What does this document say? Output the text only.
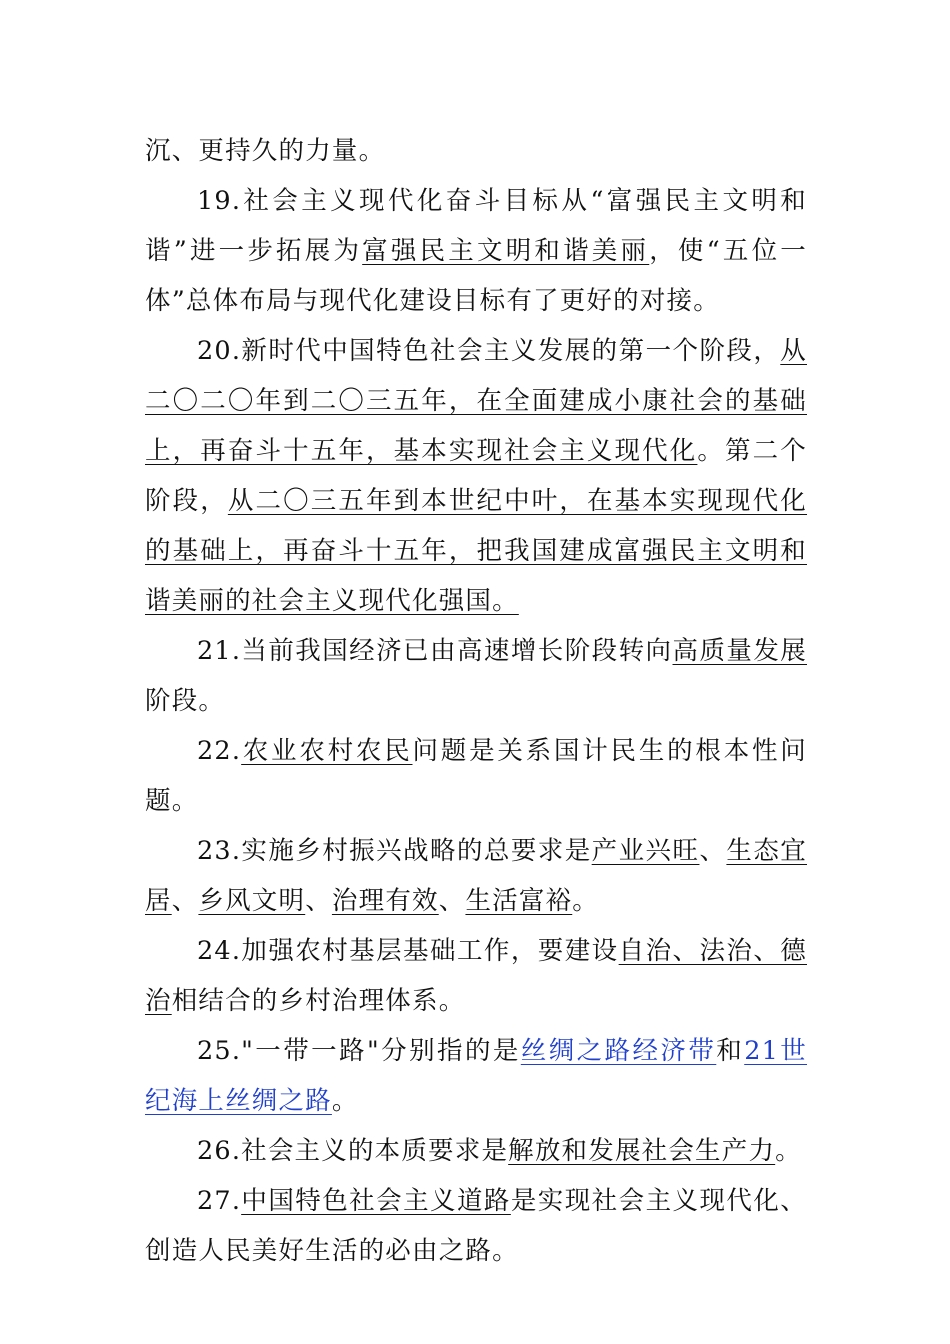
沉、更持久的力量。

19.社会主义现代化奋斗目标从“富强民主文明和谐”进一步拓展为富强民主文明和谐美丽，使“五位一体”总体布局与现代化建设目标有了更好的对接。

20.新时代中国特色社会主义发展的第一个阶段，从二〇二〇年到二〇三五年，在全面建成小康社会的基础上，再奋斗十五年，基本实现社会主义现代化。第二个阶段，从二〇三五年到本世纪中叶，在基本实现现代化的基础上，再奋斗十五年，把我国建成富强民主文明和谐美丽的社会主义现代化强国。

21.当前我国经济已由高速增长阶段转向高质量发展阶段。

22.农业农村农民问题是关系国计民生的根本性问题。

23.实施乡村振兴战略的总要求是产业兴旺、生态宜居、乡风文明、治理有效、生活富裕。

24.加强农村基层基础工作，要建设自治、法治、德治相结合的乡村治理体系。

25."一带一路"分别指的是丝绸之路经济带和21世纪海上丝绸之路。

26.社会主义的本质要求是解放和发展社会生产力。

27.中国特色社会主义道路是实现社会主义现代化、创造人民美好生活的必由之路。
